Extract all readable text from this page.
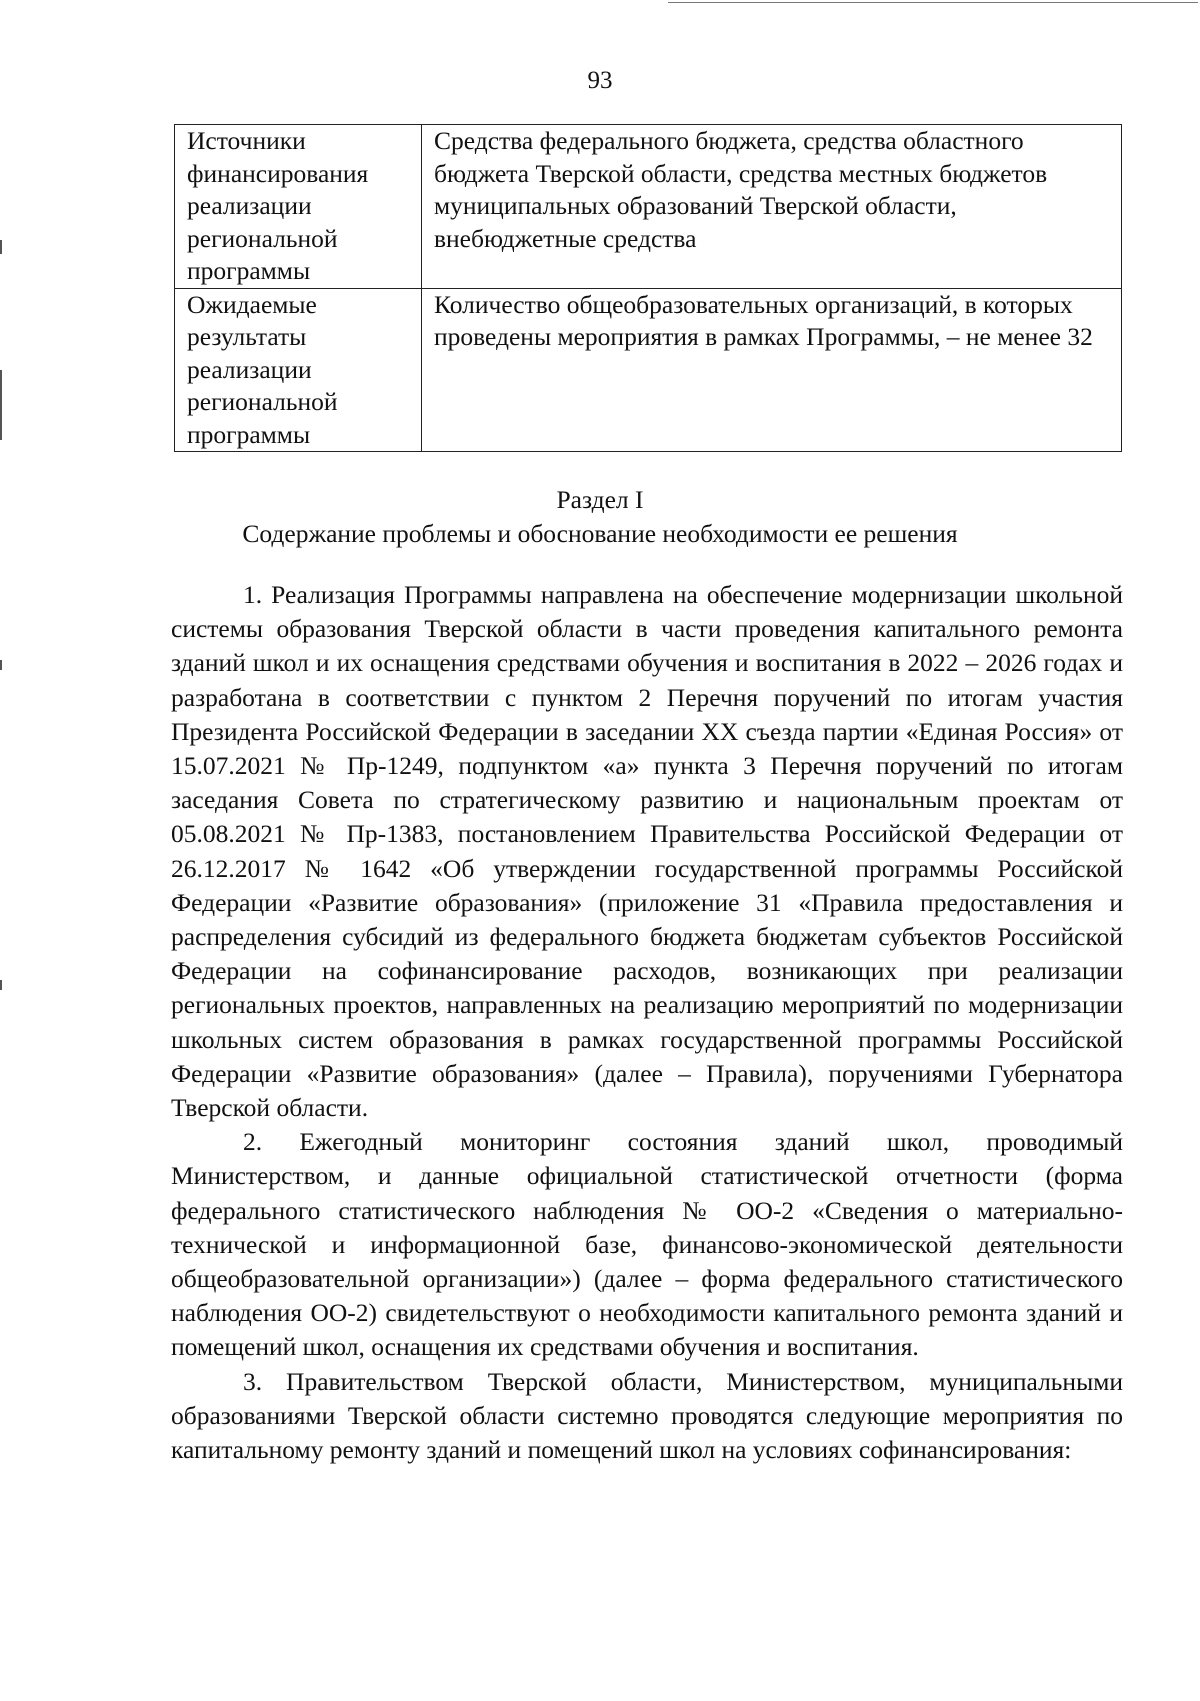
93
Источники финансирования реализации региональной программы	Средства федерального бюджета, средства областного бюджета Тверской области, средства местных бюджетов муниципальных образований Тверской области, внебюджетные средства
Ожидаемые результаты реализации региональной программы	Количество общеобразовательных организаций, в которых проведены мероприятия в рамках Программы, – не менее 32
Раздел I
Содержание проблемы и обоснование необходимости ее решения

1. Реализация Программы направлена на обеспечение модернизации школьной системы образования Тверской области в части проведения капитального ремонта зданий школ и их оснащения средствами обучения и воспитания в 2022 – 2026 годах и разработана в соответствии с пунктом 2 Перечня поручений по итогам участия Президента Российской Федерации в заседании XX съезда партии «Единая Россия» от 15.07.2021 № Пр-1249, подпунктом «а» пункта 3 Перечня поручений по итогам заседания Совета по стратегическому развитию и национальным проектам от 05.08.2021 № Пр-1383, постановлением Правительства Российской Федерации от 26.12.2017 № 1642 «Об утверждении государственной программы Российской Федерации «Развитие образования» (приложение 31 «Правила предоставления и распределения субсидий из федерального бюджета бюджетам субъектов Российской Федерации на софинансирование расходов, возникающих при реализации региональных проектов, направленных на реализацию мероприятий по модернизации школьных систем образования в рамках государственной программы Российской Федерации «Развитие образования» (далее – Правила), поручениями Губернатора Тверской области.

2. Ежегодный мониторинг состояния зданий школ, проводимый Министерством, и данные официальной статистической отчетности (форма федерального статистического наблюдения № ОО-2 «Сведения о материально-технической и информационной базе, финансово-экономической деятельности общеобразовательной организации») (далее – форма федерального статистического наблюдения ОО-2) свидетельствуют о необходимости капитального ремонта зданий и помещений школ, оснащения их средствами обучения и воспитания.

3. Правительством Тверской области, Министерством, муниципальными образованиями Тверской области системно проводятся следующие мероприятия по капитальному ремонту зданий и помещений школ на условиях софинансирования:
